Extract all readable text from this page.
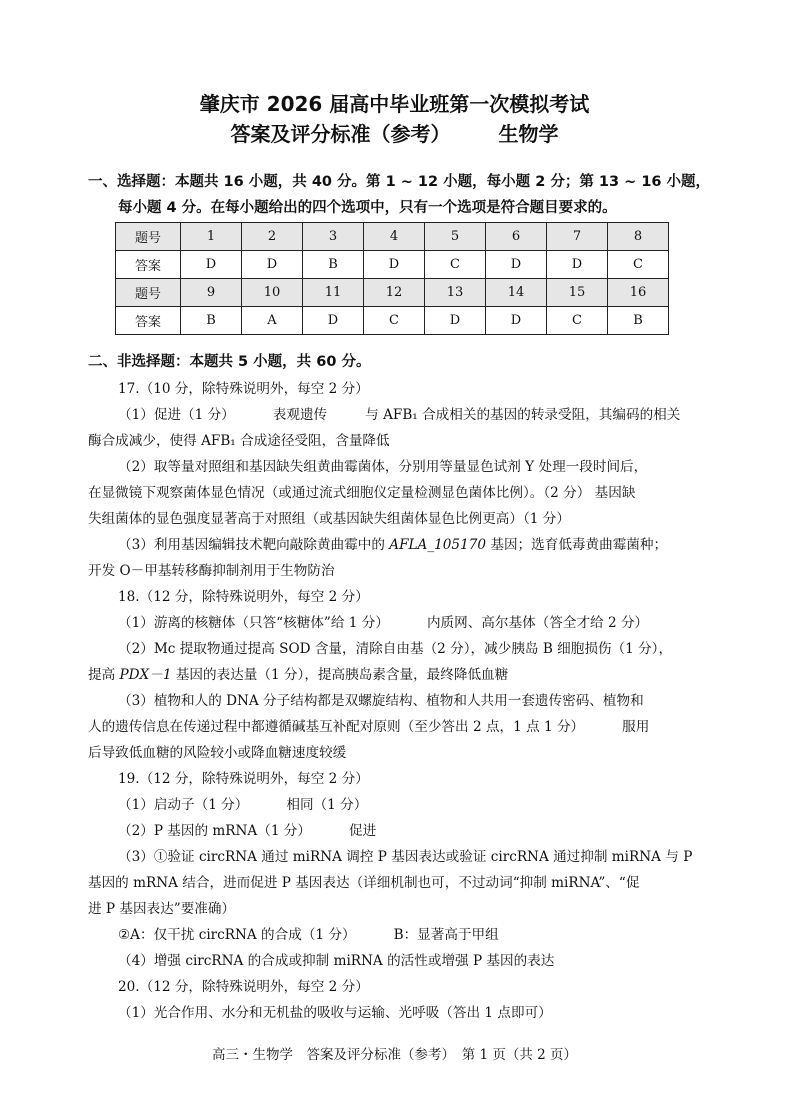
肇庆市 2026 届高中毕业班第一次模拟考试
答案及评分标准（参考） 生物学
一、选择题：本题共 16 小题，共 40 分。第 1 ~ 12 小题，每小题 2 分；第 13 ~ 16 小题，
每小题 4 分。在每小题给出的四个选项中，只有一个选项是符合题目要求的。
题号	1	2	3	4	5	6	7	8
答案	D	D	B	D	C	D	D	C
题号	9	10	11	12	13	14	15	16
答案	B	A	D	C	D	D	C	B
二、非选择题：本题共 5 小题，共 60 分。
17.（10 分，除特殊说明外，每空 2 分）
（1）促进（1 分）	表观遗传	与 AFB₁ 合成相关的基因的转录受阻，其编码的相关
酶合成减少，使得 AFB₁ 合成途径受阻，含量降低
（2）取等量对照组和基因缺失组黄曲霉菌体，分别用等量显色试剂 Y 处理一段时间后，
在显微镜下观察菌体显色情况（或通过流式细胞仪定量检测显色菌体比例）。（2 分） 基因缺
失组菌体的显色强度显著高于对照组（或基因缺失组菌体显色比例更高）（1 分）
（3）利用基因编辑技术靶向敲除黄曲霉中的 AFLA_105170 基因；选育低毒黄曲霉菌种；
开发 O－甲基转移酶抑制剂用于生物防治
18.（12 分，除特殊说明外，每空 2 分）
（1）游离的核糖体（只答“核糖体”给 1 分）	内质网、高尔基体（答全才给 2 分）
（2）Mc 提取物通过提高 SOD 含量，清除自由基（2 分），减少胰岛 B 细胞损伤（1 分），
提高 PDX－1 基因的表达量（1 分），提高胰岛素含量，最终降低血糖
（3）植物和人的 DNA 分子结构都是双螺旋结构、植物和人共用一套遗传密码、植物和
人的遗传信息在传递过程中都遵循碱基互补配对原则（至少答出 2 点，1 点 1 分）	服用
后导致低血糖的风险较小或降血糖速度较缓
19.（12 分，除特殊说明外，每空 2 分）
（1）启动子（1 分）	相同（1 分）
（2）P 基因的 mRNA（1 分）	促进
（3）①验证 circRNA 通过 miRNA 调控 P 基因表达或验证 circRNA 通过抑制 miRNA 与 P
基因的 mRNA 结合，进而促进 P 基因表达（详细机制也可，不过动词“抑制 miRNA”、“促
进 P 基因表达”要准确）
②A：仅干扰 circRNA 的合成（1 分）	B：显著高于甲组
（4）增强 circRNA 的合成或抑制 miRNA 的活性或增强 P 基因的表达
20.（12 分，除特殊说明外，每空 2 分）
（1）光合作用、水分和无机盐的吸收与运输、光呼吸（答出 1 点即可）
高三・生物学　答案及评分标准（参考）　第 1 页（共 2 页）
